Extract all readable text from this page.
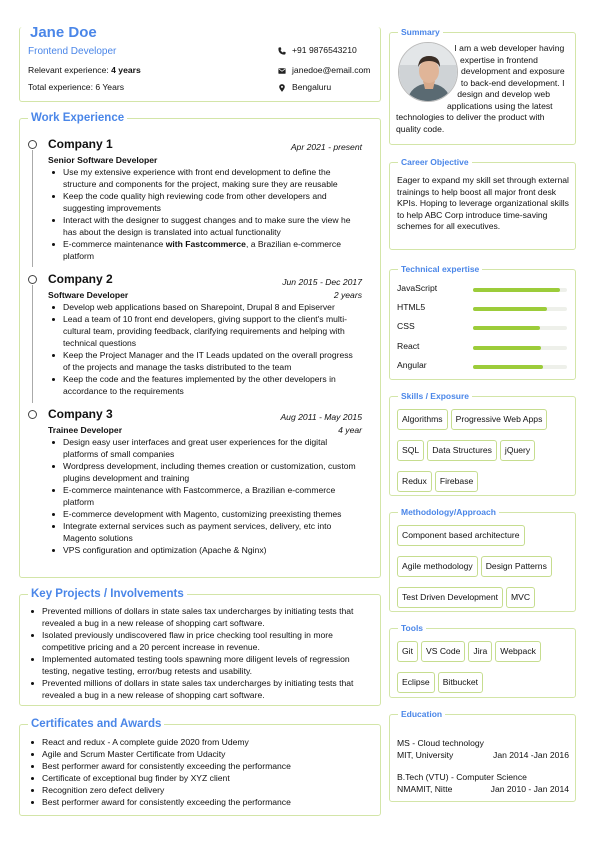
Jane Doe
Frontend Developer
Relevant experience: 4 years
Total experience: 6 Years
+91 9876543210
janedoe@email.com
Bengaluru
Work Experience
Company 1	Apr 2021 - present
Senior Software Developer
Use my extensive experience with front end development to define the structure and components for the project, making sure they are reusable
Keep the code quality high reviewing code from other developers and suggesting improvements
Interact with the designer to suggest changes and to make sure the view he has about the design is translated into actual functionality
E-commerce maintenance with Fastcommerce, a Brazilian e-commerce platform
Company 2	Jun 2015 - Dec 2017
Software Developer	2 years
Develop web applications based on Sharepoint, Drupal 8 and Episerver
Lead a team of 10 front end developers, giving support to the client's multi-cultural team, providing feedback, clarifying requirements and helping with technical questions
Keep the Project Manager and the IT Leads updated on the overall progress of the projects and manage the tasks distributed to the team
Keep the code and the features implemented by the other developers in accordance to the requirements
Company 3	Aug 2011 - May 2015
Trainee Developer	4 year
Design easy user interfaces and great user experiences for the digital platforms of small companies
Wordpress development, including themes creation or customization, custom plugins development and training
E-commerce maintenance with Fastcommerce, a Brazilian e-commerce platform
E-commerce development with Magento, customizing preexisting themes
Integrate external services such as payment services, delivery, etc into Magento solutions
VPS configuration and optimization (Apache & Nginx)
Key Projects / Involvements
Prevented millions of dollars in state sales tax undercharges by initiating tests that revealed a bug in a new release of shopping cart software.
Isolated previously undiscovered flaw in price checking tool resulting in more competitive pricing and a 20 percent increase in revenue.
Implemented automated testing tools spawning more diligent levels of regression testing, negative testing, error/bug retests and usability.
Prevented millions of dollars in state sales tax undercharges by initiating tests that revealed a bug in a new release of shopping cart software.
Certificates and Awards
React and redux - A complete guide 2020 from Udemy
Agile and Scrum Master Certificate from Udacity
Best performer award for consistently exceeding the performance
Certificate of exceptional bug finder by XYZ client
Recognition zero defect delivery
Best performer award for consistently exceeding the performance
Summary
I am a web developer having expertise in frontend development and exposure to back-end development. I design and develop web applications using the latest technologies to deliver the product with quality code.
Career Objective
Eager to expand my skill set through external trainings to help boost all major front desk KPIs. Hoping to leverage organizational skills to help ABC Corp introduce time-saving schemes for all executives.
Technical expertise
JavaScript
HTML5
CSS
React
Angular
Skills / Exposure
Algorithms Progressive Web Apps
SQL Data Structures jQuery
Redux Firebase
Methodology/Approach
Component based architecture
Agile methodology Design Patterns
Test Driven Development MVC
Tools
Git VS Code Jira Webpack
Eclipse Bitbucket
Education
MS - Cloud technology
MIT, University	Jan 2014 -Jan 2016
B.Tech (VTU) - Computer Science
NMAMIT, Nitte	Jan 2010 - Jan 2014
